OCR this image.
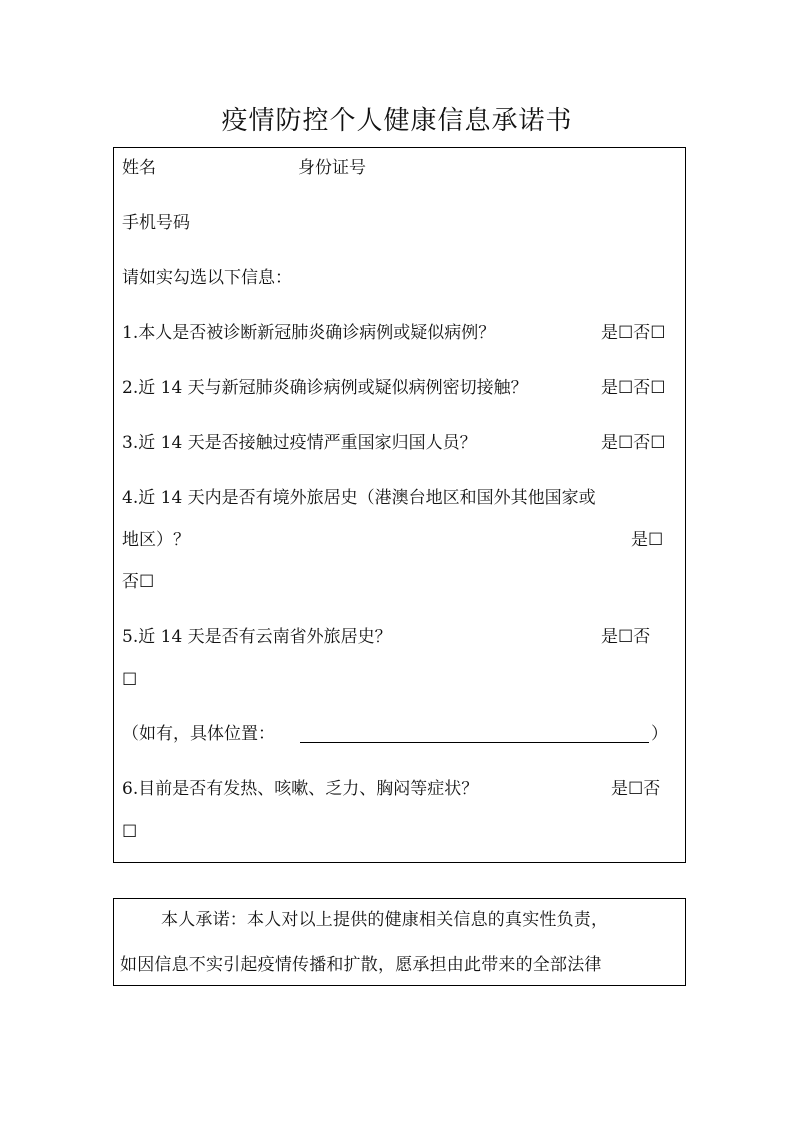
疫情防控个人健康信息承诺书
姓名	身份证号
手机号码
请如实勾选以下信息：
1.本人是否被诊断新冠肺炎确诊病例或疑似病例？	是☐否☐
2.近 14 天与新冠肺炎确诊病例或疑似病例密切接触？	是☐否☐
3.近 14 天是否接触过疫情严重国家归国人员？	是☐否☐
4.近 14 天内是否有境外旅居史（港澳台地区和国外其他国家或
地区）？	是☐
否☐
5.近 14 天是否有云南省外旅居史？	是☐否
☐
（如有，具体位置：	）
6.目前是否有发热、咳嗽、乏力、胸闷等症状？	是☐否
☐
本人承诺：本人对以上提供的健康相关信息的真实性负责，
如因信息不实引起疫情传播和扩散，愿承担由此带来的全部法律
